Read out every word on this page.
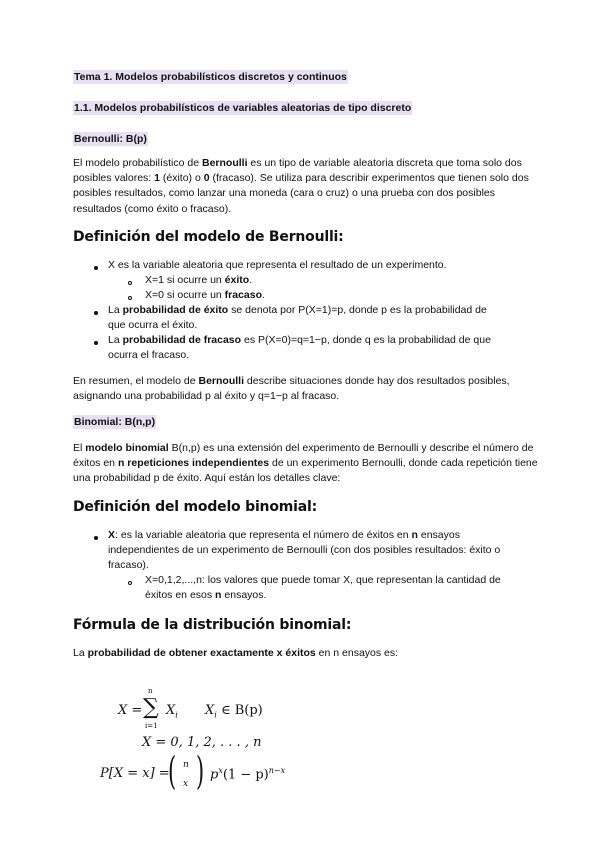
Tema 1. Modelos probabilísticos discretos y continuos
1.1. Modelos probabilísticos de variables aleatorias de tipo discreto
Bernoulli: B(p)
El modelo probabilístico de Bernoulli es un tipo de variable aleatoria discreta que toma solo dos posibles valores: 1 (éxito) o 0 (fracaso). Se utiliza para describir experimentos que tienen solo dos posibles resultados, como lanzar una moneda (cara o cruz) o una prueba con dos posibles resultados (como éxito o fracaso).
Definición del modelo de Bernoulli:
X es la variable aleatoria que representa el resultado de un experimento.
X=1 si ocurre un éxito.
X=0 si ocurre un fracaso.
La probabilidad de éxito se denota por P(X=1)=p, donde p es la probabilidad de
que ocurra el éxito.
La probabilidad de fracaso es P(X=0)=q=1−p, donde q es la probabilidad de que
ocurra el fracaso.
En resumen, el modelo de Bernoulli describe situaciones donde hay dos resultados posibles, asignando una probabilidad p al éxito y q=1−p al fracaso.
Binomial: B(n,p)
El modelo binomial B(n,p) es una extensión del experimento de Bernoulli y describe el número de éxitos en n repeticiones independientes de un experimento Bernoulli, donde cada repetición tiene una probabilidad p de éxito. Aquí están los detalles clave:
Definición del modelo binomial:
X: es la variable aleatoria que representa el número de éxitos en n ensayos
independientes de un experimento de Bernoulli (con dos posibles resultados: éxito o
fracaso).
X=0,1,2,...,n: los valores que puede tomar X, que representan la cantidad de
éxitos en esos n ensayos.
Fórmula de la distribución binomial:
La probabilidad de obtener exactamente x éxitos en n ensayos es:
X =
n
∑
i=1
$X_i$ $X_i$ ∈ B(p)
X = 0, 1, 2, . . . , n
P[X = x] =
( n
x ) $p^x(1 - p)^{n-x}$
